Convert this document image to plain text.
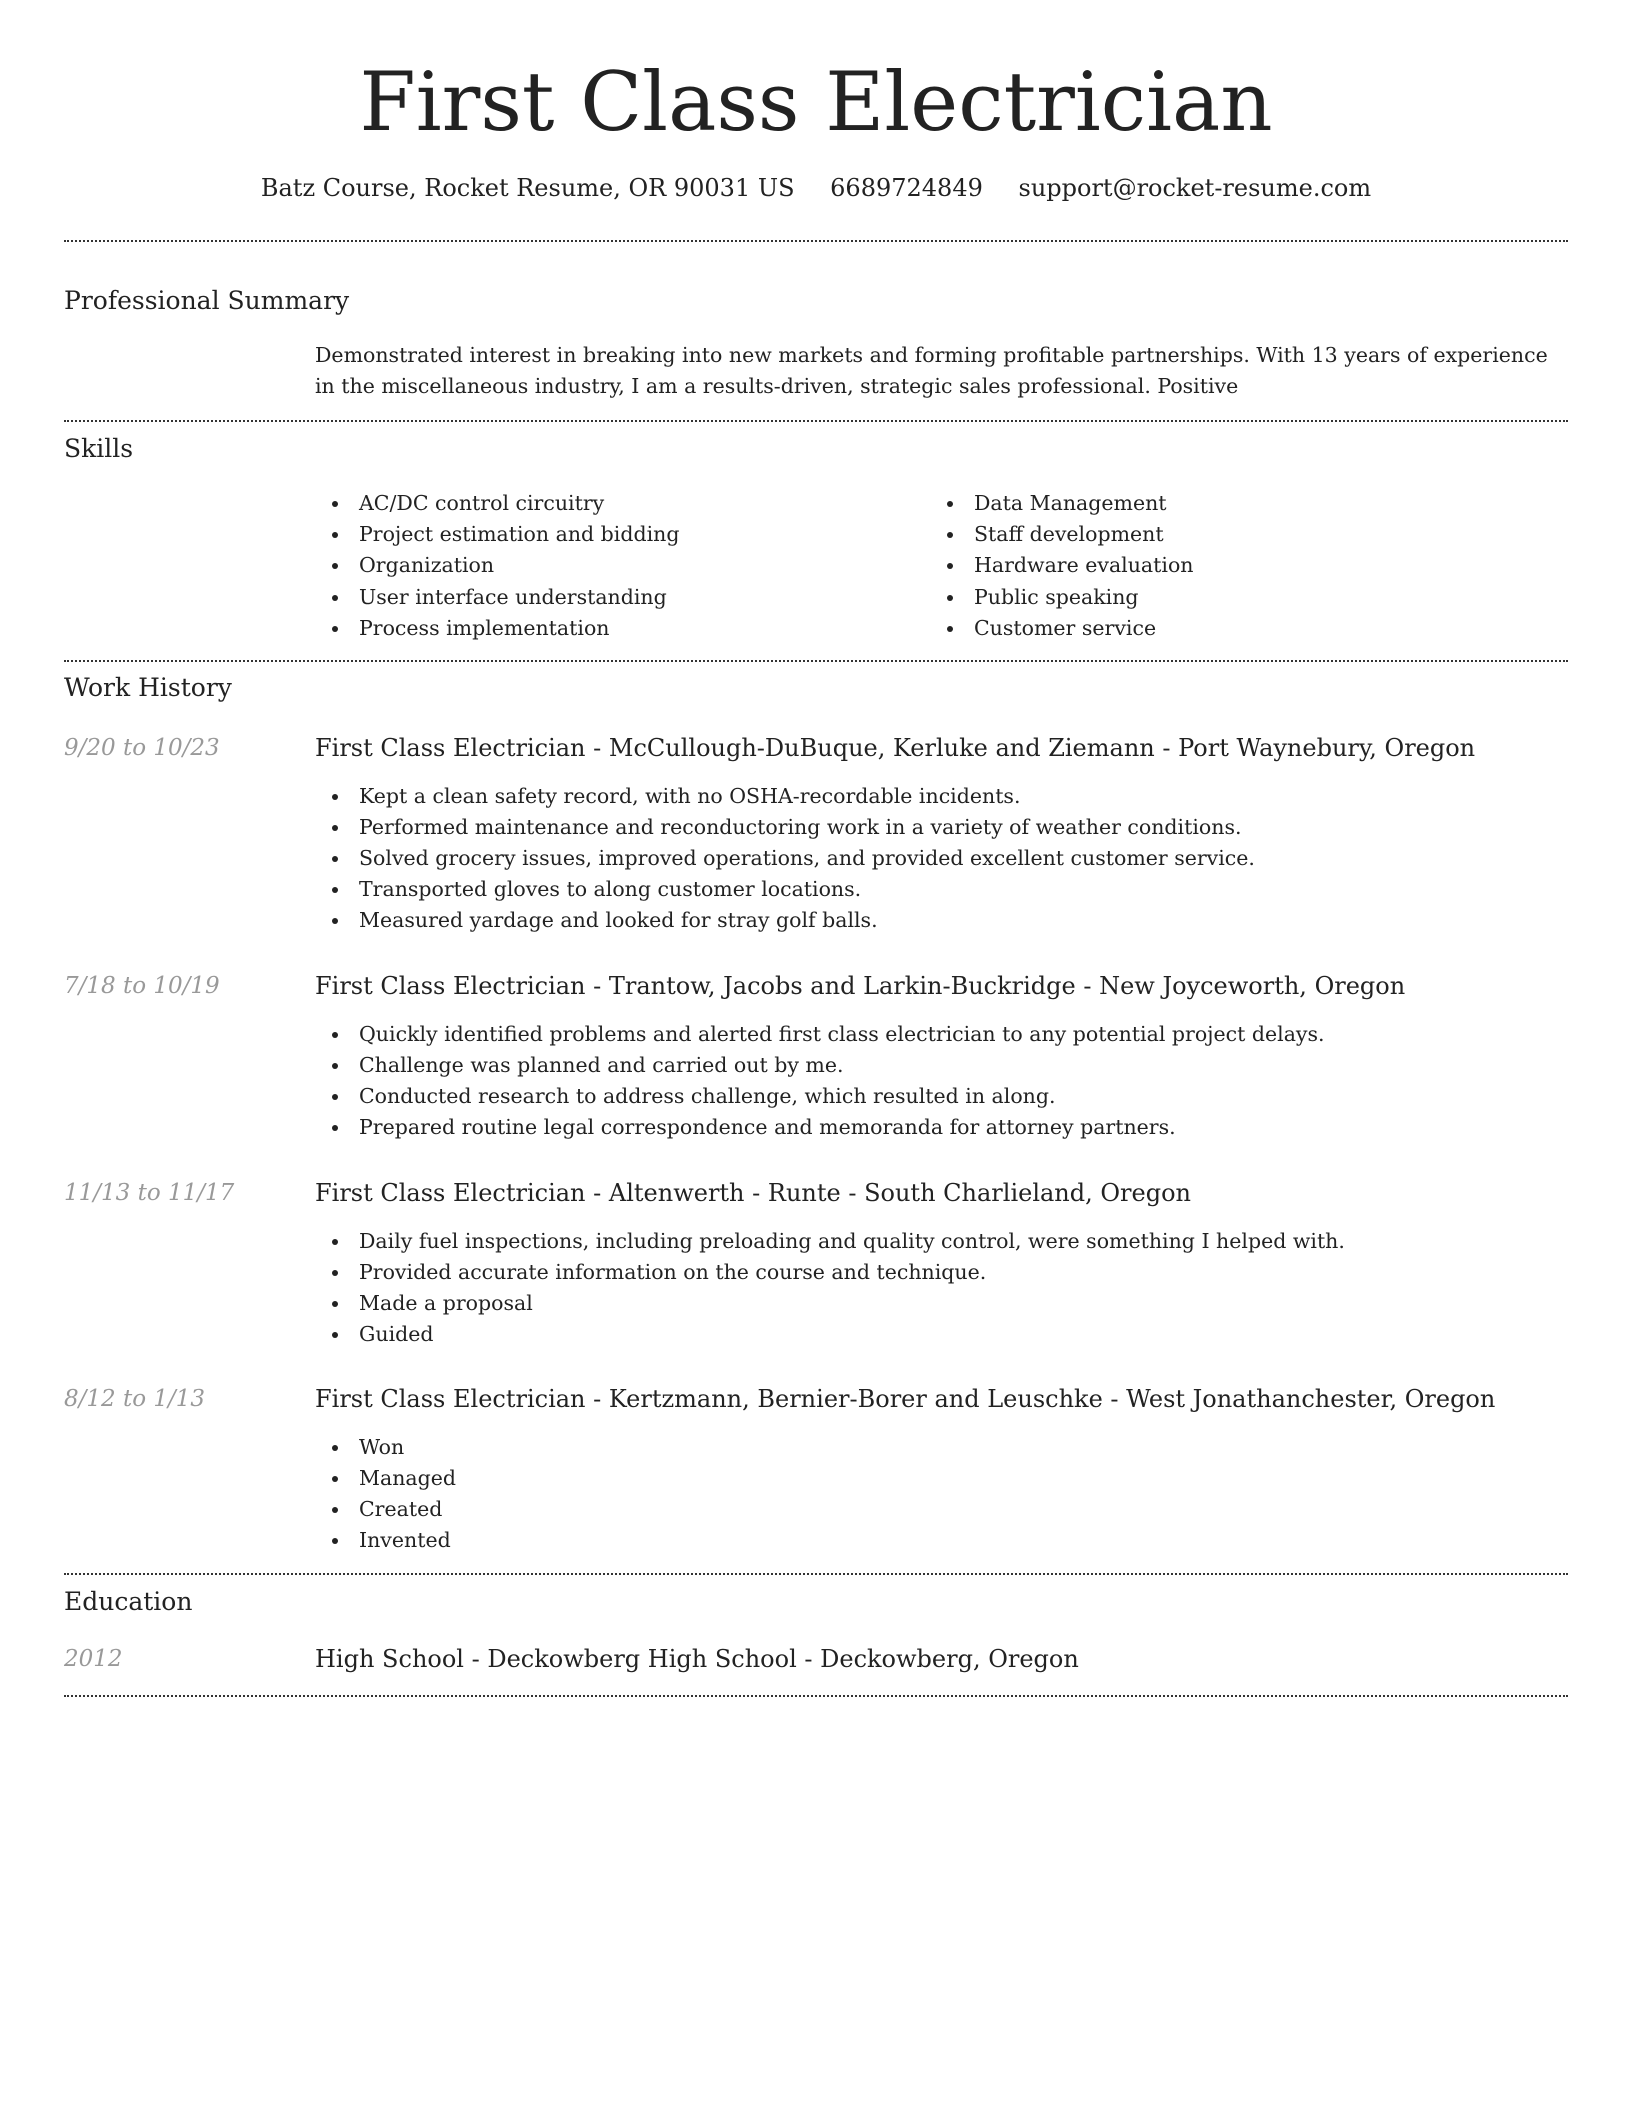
First Class Electrician
Batz Course, Rocket Resume, OR 90031 US 6689724849 support@rocket-resume.com
Professional Summary
Demonstrated interest in breaking into new markets and forming profitable partnerships. With 13 years of experience in the miscellaneous industry, I am a results-driven, strategic sales professional. Positive
Skills
AC/DC control circuitry
Project estimation and bidding
Organization
User interface understanding
Process implementation
Data Management
Staff development
Hardware evaluation
Public speaking
Customer service
Work History
9/20 to 10/23	First Class Electrician - McCullough-DuBuque, Kerluke and Ziemann - Port Waynebury, Oregon
Kept a clean safety record, with no OSHA-recordable incidents.
Performed maintenance and reconductoring work in a variety of weather conditions.
Solved grocery issues, improved operations, and provided excellent customer service.
Transported gloves to along customer locations.
Measured yardage and looked for stray golf balls.
7/18 to 10/19	First Class Electrician - Trantow, Jacobs and Larkin-Buckridge - New Joyceworth, Oregon
Quickly identified problems and alerted first class electrician to any potential project delays.
Challenge was planned and carried out by me.
Conducted research to address challenge, which resulted in along.
Prepared routine legal correspondence and memoranda for attorney partners.
11/13 to 11/17	First Class Electrician - Altenwerth - Runte - South Charlieland, Oregon
Daily fuel inspections, including preloading and quality control, were something I helped with.
Provided accurate information on the course and technique.
Made a proposal
Guided
8/12 to 1/13	First Class Electrician - Kertzmann, Bernier-Borer and Leuschke - West Jonathanchester, Oregon
Won
Managed
Created
Invented
Education
2012	High School - Deckowberg High School - Deckowberg, Oregon
